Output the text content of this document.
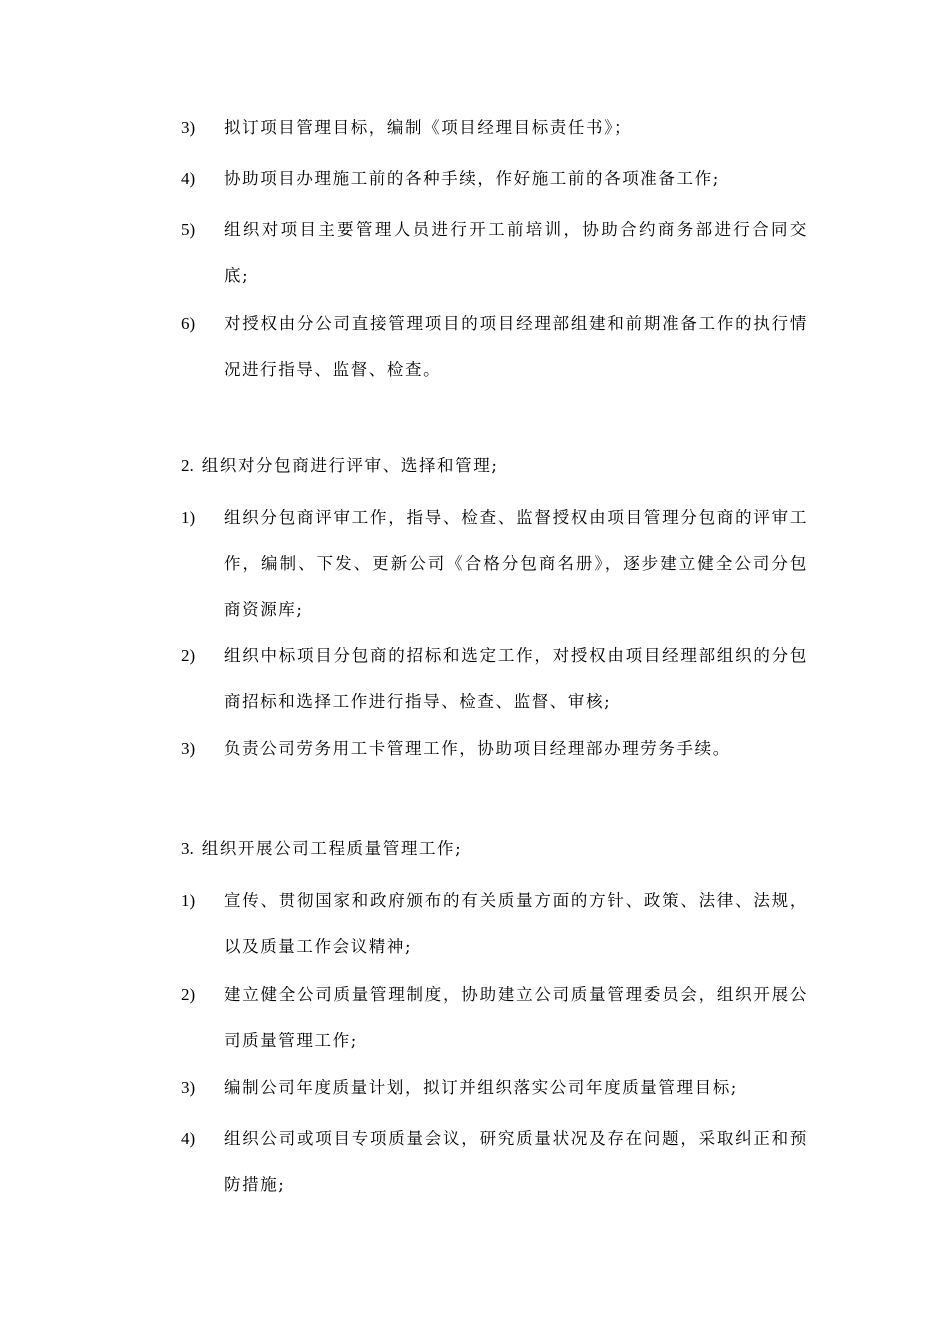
3) 拟订项目管理目标，编制《项目经理目标责任书》；
4) 协助项目办理施工前的各种手续，作好施工前的各项准备工作;
5) 组织对项目主要管理人员进行开工前培训，协助合约商务部进行合同交底;
6) 对授权由分公司直接管理项目的项目经理部组建和前期准备工作的执行情况进行指导、监督、检查。
2. 组织对分包商进行评审、选择和管理;
1) 组织分包商评审工作，指导、检查、监督授权由项目管理分包商的评审工作，编制、下发、更新公司《合格分包商名册》，逐步建立健全公司分包商资源库;
2) 组织中标项目分包商的招标和选定工作，对授权由项目经理部组织的分包商招标和选择工作进行指导、检查、监督、审核;
3) 负责公司劳务用工卡管理工作，协助项目经理部办理劳务手续。
3. 组织开展公司工程质量管理工作;
1) 宣传、贯彻国家和政府颁布的有关质量方面的方针、政策、法律、法规，以及质量工作会议精神;
2) 建立健全公司质量管理制度，协助建立公司质量管理委员会，组织开展公司质量管理工作;
3) 编制公司年度质量计划，拟订并组织落实公司年度质量管理目标;
4) 组织公司或项目专项质量会议，研究质量状况及存在问题，采取纠正和预防措施;
